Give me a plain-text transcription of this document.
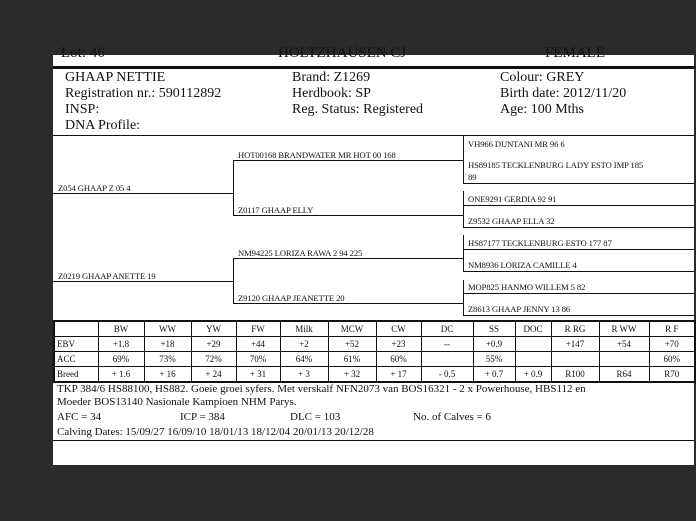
Lot: 46	HOLTZHAUSEN CJ	FEMALE
GHAAP NETTIE
Registration nr.: 590112892
INSP:
DNA Profile:
Brand: Z1269
Herdbook: SP
Reg. Status: Registered
Colour: GREY
Birth date: 2012/11/20
Age: 100 Mths
Z054 GHAAP Z 05 4
Z0219 GHAAP ANETTE 19
HOT00168 BRANDWATER MR HOT 00 168
Z0117 GHAAP ELLY
NM94225 LORIZA RAWA 2 94 225
Z9120 GHAAP JEANETTE 20
VH966 DUNTANI MR 96 6
HS89185 TECKLENBURG LADY ESTO IMP 185
89
ONE9291 GERDIA 92 91
Z9532 GHAAP ELLA 32
HS87177 TECKLENBURG ESTO 177 87
NM8936 LORIZA CAMILLE 4
MOP825 HANMO WILLEM 5 82
Z8613 GHAAP JENNY 13 86
	BW	WW	YW	FW	Milk	MCW	CW	DC	SS	DOC	R RG	R WW	R F
EBV	+1.8	+18	+29	+44	+2	+52	+23	--	+0.9		+147	+54	+70
ACC	69%	73%	72%	70%	64%	61%	60%		55%				60%
Breed	+ 1.6	+ 16	+ 24	+ 31	+ 3	+ 32	+ 17	- 0.5	+ 0.7	+ 0.9	R100	R64	R70
TKP 384/6 HS88100, HS882. Goeie groei syfers. Met verskalf NFN2073 van BOS16321 - 2 x Powerhouse, HBS112 en
Moeder BOS13140 Nasionale Kampioen NHM Parys.
AFC = 34	ICP = 384	DLC = 103	No. of Calves = 6
Calving Dates: 15/09/27 16/09/10 18/01/13 18/12/04 20/01/13 20/12/28
